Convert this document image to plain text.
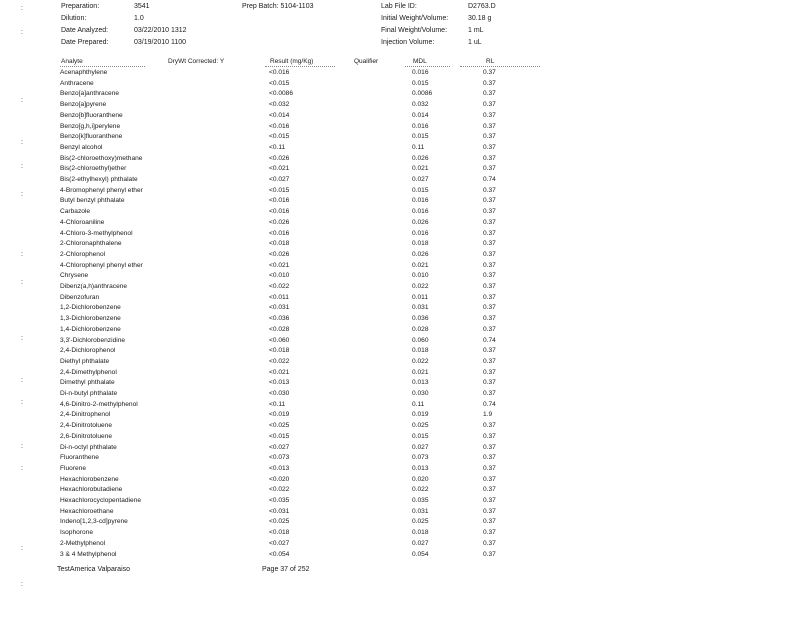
Preparation:	3541
Dilution:	1.0
Date Analyzed:	03/22/2010 1312
Date Prepared:	03/19/2010 1100
Prep Batch: 5104-1103	Lab File ID:	D2763.D
Initial Weight/Volume:	30.18 g
Final Weight/Volume:	1 mL
Injection Volume:	1 uL
Analyte	DryWt Corrected: Y	Result (mg/Kg)	Qualifier	MDL	RL
Acenaphthylene	<0.016	0.016	0.37
Anthracene	<0.015	0.015	0.37
Benzo[a]anthracene	<0.0086	0.0086	0.37
Benzo[a]pyrene	<0.032	0.032	0.37
Benzo[b]fluoranthene	<0.014	0.014	0.37
Benzo[g,h,i]perylene	<0.016	0.016	0.37
Benzo[k]fluoranthene	<0.015	0.015	0.37
Benzyl alcohol	<0.11	0.11	0.37
Bis(2-chloroethoxy)methane	<0.026	0.026	0.37
Bis(2-chloroethyl)ether	<0.021	0.021	0.37
Bis(2-ethylhexyl) phthalate	<0.027	0.027	0.74
4-Bromophenyl phenyl ether	<0.015	0.015	0.37
Butyl benzyl phthalate	<0.016	0.016	0.37
Carbazole	<0.016	0.016	0.37
4-Chloroaniline	<0.026	0.026	0.37
4-Chloro-3-methylphenol	<0.016	0.016	0.37
2-Chloronaphthalene	<0.018	0.018	0.37
2-Chlorophenol	<0.026	0.026	0.37
4-Chlorophenyl phenyl ether	<0.021	0.021	0.37
Chrysene	<0.010	0.010	0.37
Dibenz(a,h)anthracene	<0.022	0.022	0.37
Dibenzofuran	<0.011	0.011	0.37
1,2-Dichlorobenzene	<0.031	0.031	0.37
1,3-Dichlorobenzene	<0.036	0.036	0.37
1,4-Dichlorobenzene	<0.028	0.028	0.37
3,3'-Dichlorobenzidine	<0.060	0.060	0.74
2,4-Dichlorophenol	<0.018	0.018	0.37
Diethyl phthalate	<0.022	0.022	0.37
2,4-Dimethylphenol	<0.021	0.021	0.37
Dimethyl phthalate	<0.013	0.013	0.37
Di-n-butyl phthalate	<0.030	0.030	0.37
4,6-Dinitro-2-methylphenol	<0.11	0.11	0.74
2,4-Dinitrophenol	<0.019	0.019	1.9
2,4-Dinitrotoluene	<0.025	0.025	0.37
2,6-Dinitrotoluene	<0.015	0.015	0.37
Di-n-octyl phthalate	<0.027	0.027	0.37
Fluoranthene	<0.073	0.073	0.37
Fluorene	<0.013	0.013	0.37
Hexachlorobenzene	<0.020	0.020	0.37
Hexachlorobutadiene	<0.022	0.022	0.37
Hexachlorocyclopentadiene	<0.035	0.035	0.37
Hexachloroethane	<0.031	0.031	0.37
Indeno[1,2,3-cd]pyrene	<0.025	0.025	0.37
Isophorone	<0.018	0.018	0.37
2-Methylphenol	<0.027	0.027	0.37
3 & 4 Methylphenol	<0.054	0.054	0.37
:
:
:
:
:
:
:
:
:
:
:
:
:
:
:
TestAmerica Valparaiso	Page 37 of 252
